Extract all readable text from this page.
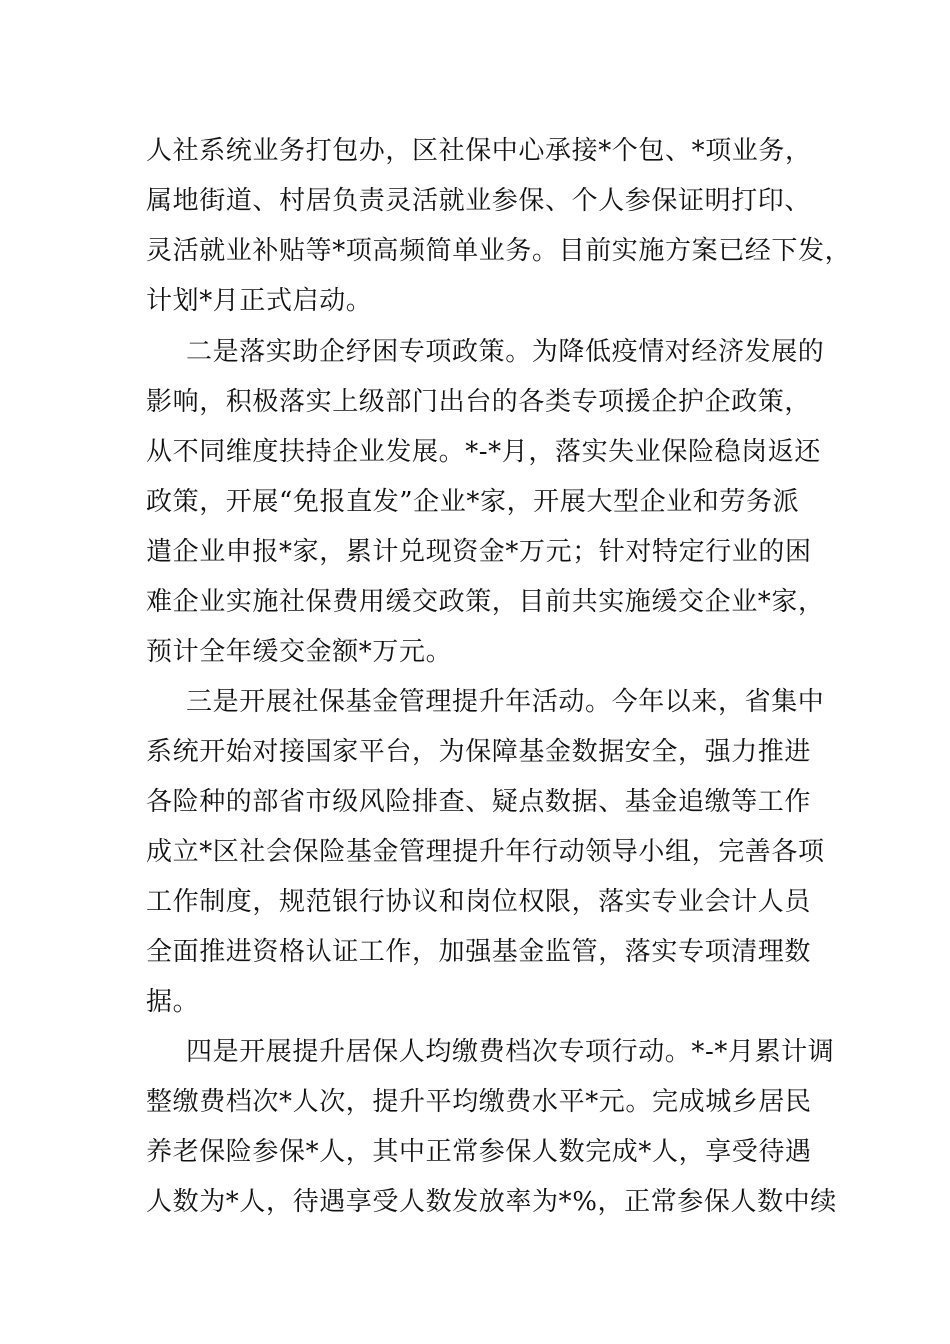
人社系统业务打包办，区社保中心承接*个包、*项业务，
属地街道、村居负责灵活就业参保、个人参保证明打印、
灵活就业补贴等*项高频简单业务。目前实施方案已经下发，
计划*月正式启动。
二是落实助企纾困专项政策。为降低疫情对经济发展的
影响，积极落实上级部门出台的各类专项援企护企政策，
从不同维度扶持企业发展。*-*月，落实失业保险稳岗返还
政策，开展“免报直发”企业*家，开展大型企业和劳务派
遣企业申报*家，累计兑现资金*万元；针对特定行业的困
难企业实施社保费用缓交政策，目前共实施缓交企业*家，
预计全年缓交金额*万元。
三是开展社保基金管理提升年活动。今年以来，省集中
系统开始对接国家平台，为保障基金数据安全，强力推进
各险种的部省市级风险排查、疑点数据、基金追缴等工作
成立*区社会保险基金管理提升年行动领导小组，完善各项
工作制度，规范银行协议和岗位权限，落实专业会计人员
全面推进资格认证工作，加强基金监管，落实专项清理数
据。
四是开展提升居保人均缴费档次专项行动。*-*月累计调
整缴费档次*人次，提升平均缴费水平*元。完成城乡居民
养老保险参保*人，其中正常参保人数完成*人，享受待遇
人数为*人，待遇享受人数发放率为*%，正常参保人数中续
